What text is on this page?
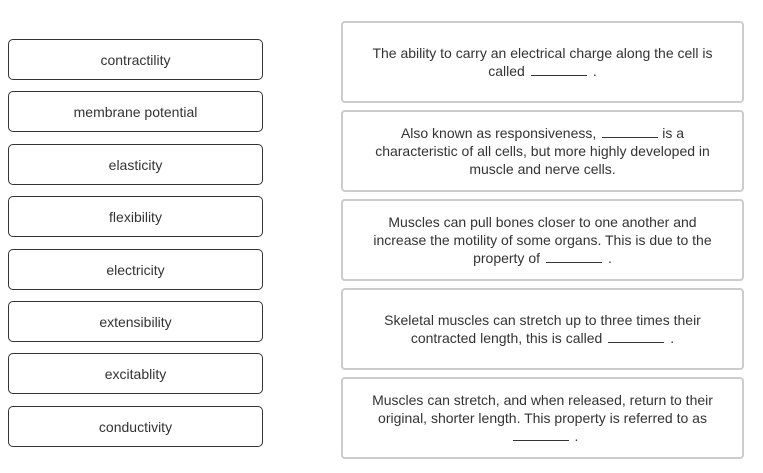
contractility
membrane potential
elasticity
flexibility
electricity
extensibility
excitablity
conductivity
The ability to carry an electrical charge along the cell is called	.
Also known as responsiveness,	is a characteristic of all cells, but more highly developed in muscle and nerve cells.
Muscles can pull bones closer to one another and increase the motility of some organs. This is due to the property of	.
Skeletal muscles can stretch up to three times their contracted length, this is called	.
Muscles can stretch, and when released, return to their original, shorter length. This property is referred to as
.
